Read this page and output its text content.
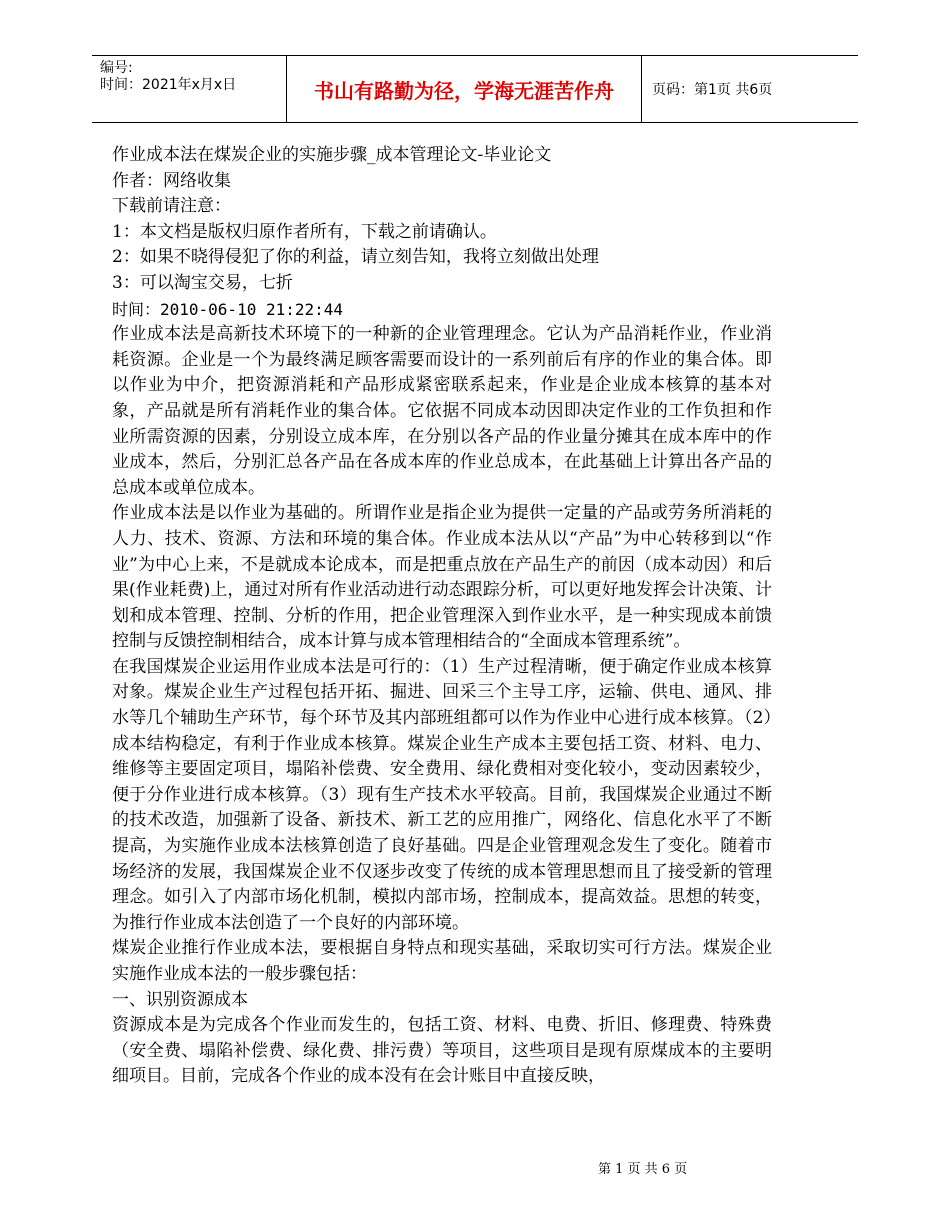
编号:
时间：2021年x月x日	书山有路勤为径，学海无涯苦作舟	页码：第1页 共6页

作业成本法在煤炭企业的实施步骤_成本管理论文-毕业论文

作者：网络收集

下载前请注意：

1：本文档是版权归原作者所有，下载之前请确认。

2：如果不晓得侵犯了你的利益，请立刻告知，我将立刻做出处理

3：可以淘宝交易，七折

时间：2010-06-10 21:22:44

作业成本法是高新技术环境下的一种新的企业管理理念。它认为产品消耗作业，作业消耗资源。企业是一个为最终满足顾客需要而设计的一系列前后有序的作业的集合体。即以作业为中介，把资源消耗和产品形成紧密联系起来，作业是企业成本核算的基本对象，产品就是所有消耗作业的集合体。它依据不同成本动因即决定作业的工作负担和作业所需资源的因素，分别设立成本库，在分别以各产品的作业量分摊其在成本库中的作业成本，然后，分别汇总各产品在各成本库的作业总成本，在此基础上计算出各产品的总成本或单位成本。

作业成本法是以作业为基础的。所谓作业是指企业为提供一定量的产品或劳务所消耗的人力、技术、资源、方法和环境的集合体。作业成本法从以“产品”为中心转移到以“作业”为中心上来，不是就成本论成本，而是把重点放在产品生产的前因（成本动因）和后果(作业耗费)上，通过对所有作业活动进行动态跟踪分析，可以更好地发挥会计决策、计划和成本管理、控制、分析的作用，把企业管理深入到作业水平，是一种实现成本前馈控制与反馈控制相结合，成本计算与成本管理相结合的“全面成本管理系统”。

在我国煤炭企业运用作业成本法是可行的：（1）生产过程清晰，便于确定作业成本核算对象。煤炭企业生产过程包括开拓、掘进、回采三个主导工序，运输、供电、通风、排水等几个辅助生产环节，每个环节及其内部班组都可以作为作业中心进行成本核算。（2）成本结构稳定，有利于作业成本核算。煤炭企业生产成本主要包括工资、材料、电力、维修等主要固定项目，塌陷补偿费、安全费用、绿化费相对变化较小，变动因素较少，便于分作业进行成本核算。（3）现有生产技术水平较高。目前，我国煤炭企业通过不断的技术改造，加强新了设备、新技术、新工艺的应用推广，网络化、信息化水平了不断提高，为实施作业成本法核算创造了良好基础。四是企业管理观念发生了变化。随着市场经济的发展，我国煤炭企业不仅逐步改变了传统的成本管理思想而且了接受新的管理理念。如引入了内部市场化机制，模拟内部市场，控制成本，提高效益。思想的转变，为推行作业成本法创造了一个良好的内部环境。

煤炭企业推行作业成本法，要根据自身特点和现实基础，采取切实可行方法。煤炭企业实施作业成本法的一般步骤包括：

一、识别资源成本

资源成本是为完成各个作业而发生的，包括工资、材料、电费、折旧、修理费、特殊费（安全费、塌陷补偿费、绿化费、排污费）等项目，这些项目是现有原煤成本的主要明细项目。目前，完成各个作业的成本没有在会计账目中直接反映，

第 1 页 共 6 页
